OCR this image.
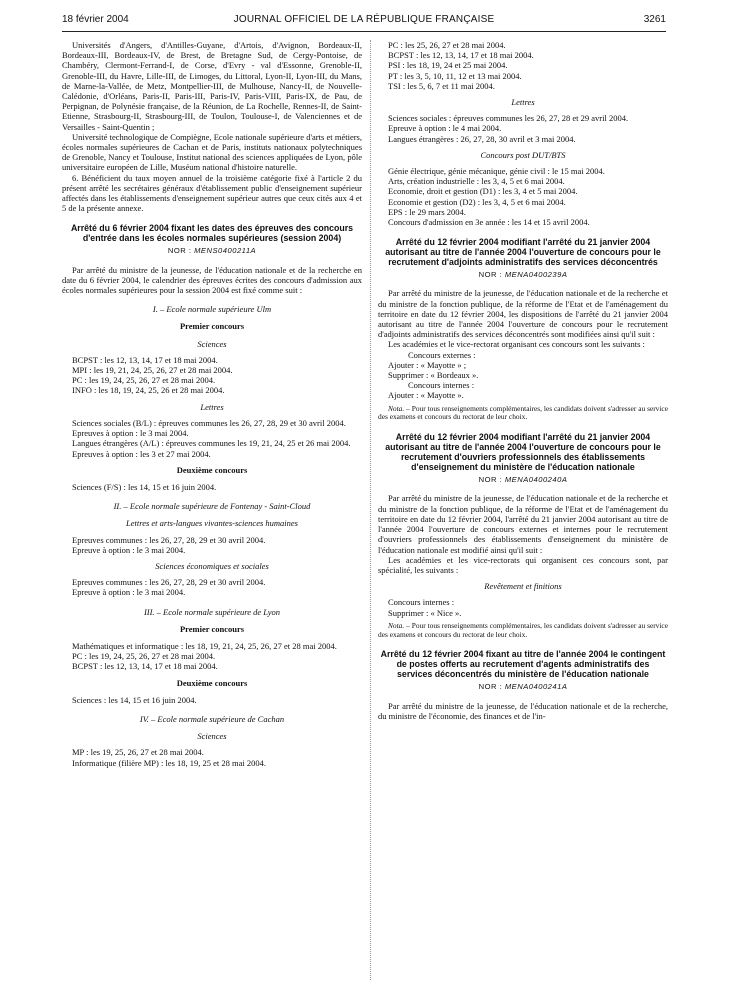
18 février 2004	JOURNAL OFFICIEL DE LA RÉPUBLIQUE FRANÇAISE	3261

Universités d'Angers, d'Antilles-Guyane, d'Artois, d'Avignon, Bordeaux-II, Bordeaux-III, Bordeaux-IV, de Brest, de Bretagne Sud, de Cergy-Pontoise, de Chambéry, Clermont-Ferrand-I, de Corse, d'Evry - val d'Essonne, Grenoble-II, Grenoble-III, du Havre, Lille-III, de Limoges, du Littoral, Lyon-II, Lyon-III, du Mans, de Marne-la-Vallée, de Metz, Montpellier-III, de Mulhouse, Nancy-II, de Nouvelle-Calédonie, d'Orléans, Paris-II, Paris-III, Paris-IV, Paris-VIII, Paris-IX, de Pau, de Perpignan, de Polynésie française, de la Réunion, de La Rochelle, Rennes-II, de Saint-Etienne, Strasbourg-II, Strasbourg-III, de Toulon, Toulouse-I, de Valenciennes et de Versailles - Saint-Quentin ;

Université technologique de Compiègne, Ecole nationale supérieure d'arts et métiers, écoles normales supérieures de Cachan et de Paris, instituts nationaux polytechniques de Grenoble, Nancy et Toulouse, Institut national des sciences appliquées de Lyon, pôle universitaire européen de Lille, Muséum national d'histoire naturelle.

6. Bénéficient du taux moyen annuel de la troisième catégorie fixé à l'article 2 du présent arrêté les secrétaires généraux d'établissement public d'enseignement supérieur affectés dans les établissements d'enseignement supérieur autres que ceux cités aux 4 et 5 de la présente annexe.

Arrêté du 6 février 2004 fixant les dates des épreuves des concours d'entrée dans les écoles normales supérieures (session 2004)

NOR : MENS0400211A

Par arrêté du ministre de la jeunesse, de l'éducation nationale et de la recherche en date du 6 février 2004, le calendrier des épreuves écrites des concours d'admission aux écoles normales supérieures pour la session 2004 est fixé comme suit :

I. – Ecole normale supérieure Ulm

Premier concours

Sciences

BCPST : les 12, 13, 14, 17 et 18 mai 2004.

MPI : les 19, 21, 24, 25, 26, 27 et 28 mai 2004.

PC : les 19, 24, 25, 26, 27 et 28 mai 2004.

INFO : les 18, 19, 24, 25, 26 et 28 mai 2004.

Lettres

Sciences sociales (B/L) : épreuves communes les 26, 27, 28, 29 et 30 avril 2004.

Epreuves à option : le 3 mai 2004.

Langues étrangères (A/L) : épreuves communes les 19, 21, 24, 25 et 26 mai 2004.

Epreuves à option : les 3 et 27 mai 2004.

Deuxième concours

Sciences (F/S) : les 14, 15 et 16 juin 2004.

II. – Ecole normale supérieure de Fontenay - Saint-Cloud

Lettres et arts-langues vivantes-sciences humaines

Epreuves communes : les 26, 27, 28, 29 et 30 avril 2004.

Epreuve à option : le 3 mai 2004.

Sciences économiques et sociales

Epreuves communes : les 26, 27, 28, 29 et 30 avril 2004.

Epreuve à option : le 3 mai 2004.

III. – Ecole normale supérieure de Lyon

Premier concours

Mathématiques et informatique : les 18, 19, 21, 24, 25, 26, 27 et 28 mai 2004.

PC : les 19, 24, 25, 26, 27 et 28 mai 2004.

BCPST : les 12, 13, 14, 17 et 18 mai 2004.

Deuxième concours

Sciences : les 14, 15 et 16 juin 2004.

IV. – Ecole normale supérieure de Cachan

Sciences

MP : les 19, 25, 26, 27 et 28 mai 2004.

Informatique (filière MP) : les 18, 19, 25 et 28 mai 2004.

PC : les 25, 26, 27 et 28 mai 2004.

BCPST : les 12, 13, 14, 17 et 18 mai 2004.

PSI : les 18, 19, 24 et 25 mai 2004.

PT : les 3, 5, 10, 11, 12 et 13 mai 2004.

TSI : les 5, 6, 7 et 11 mai 2004.

Lettres

Sciences sociales : épreuves communes les 26, 27, 28 et 29 avril 2004.

Epreuve à option : le 4 mai 2004.

Langues étrangères : 26, 27, 28, 30 avril et 3 mai 2004.

Concours post DUT/BTS

Génie électrique, génie mécanique, génie civil : le 15 mai 2004.

Arts, création industrielle : les 3, 4, 5 et 6 mai 2004.

Economie, droit et gestion (D1) : les 3, 4 et 5 mai 2004.

Economie et gestion (D2) : les 3, 4, 5 et 6 mai 2004.

EPS : le 29 mars 2004.

Concours d'admission en 3e année : les 14 et 15 avril 2004.

Arrêté du 12 février 2004 modifiant l'arrêté du 21 janvier 2004 autorisant au titre de l'année 2004 l'ouverture de concours pour le recrutement d'adjoints administratifs des services déconcentrés

NOR : MENA0400239A

Par arrêté du ministre de la jeunesse, de l'éducation nationale et de la recherche et du ministre de la fonction publique, de la réforme de l'Etat et de l'aménagement du territoire en date du 12 février 2004, les dispositions de l'arrêté du 21 janvier 2004 autorisant au titre de l'année 2004 l'ouverture de concours pour le recrutement d'adjoints administratifs des services déconcentrés sont modifiées ainsi qu'il suit :

Les académies et le vice-rectorat organisant ces concours sont les suivants :

Concours externes :

Ajouter : « Mayotte » ;

Supprimer : « Bordeaux ».

Concours internes :

Ajouter : « Mayotte ».

Nota. – Pour tous renseignements complémentaires, les candidats doivent s'adresser au service des examens et concours du rectorat de leur choix.

Arrêté du 12 février 2004 modifiant l'arrêté du 21 janvier 2004 autorisant au titre de l'année 2004 l'ouverture de concours pour le recrutement d'ouvriers professionnels des établissements d'enseignement du ministère de l'éducation nationale

NOR : MENA0400240A

Par arrêté du ministre de la jeunesse, de l'éducation nationale et de la recherche et du ministre de la fonction publique, de la réforme de l'Etat et de l'aménagement du territoire en date du 12 février 2004, l'arrêté du 21 janvier 2004 autorisant au titre de l'année 2004 l'ouverture de concours externes et internes pour le recrutement d'ouvriers professionnels des établissements d'enseignement du ministère de l'éducation nationale est modifié ainsi qu'il suit :

Les académies et les vice-rectorats qui organisent ces concours sont, par spécialité, les suivants :

Revêtement et finitions

Concours internes :

Supprimer : « Nice ».

Nota. – Pour tous renseignements complémentaires, les candidats doivent s'adresser au service des examens et concours du rectorat de leur choix.

Arrêté du 12 février 2004 fixant au titre de l'année 2004 le contingent de postes offerts au recrutement d'agents administratifs des services déconcentrés du ministère de l'éducation nationale

NOR : MENA0400241A

Par arrêté du ministre de la jeunesse, de l'éducation nationale et de la recherche, du ministre de l'économie, des finances et de l'in-
